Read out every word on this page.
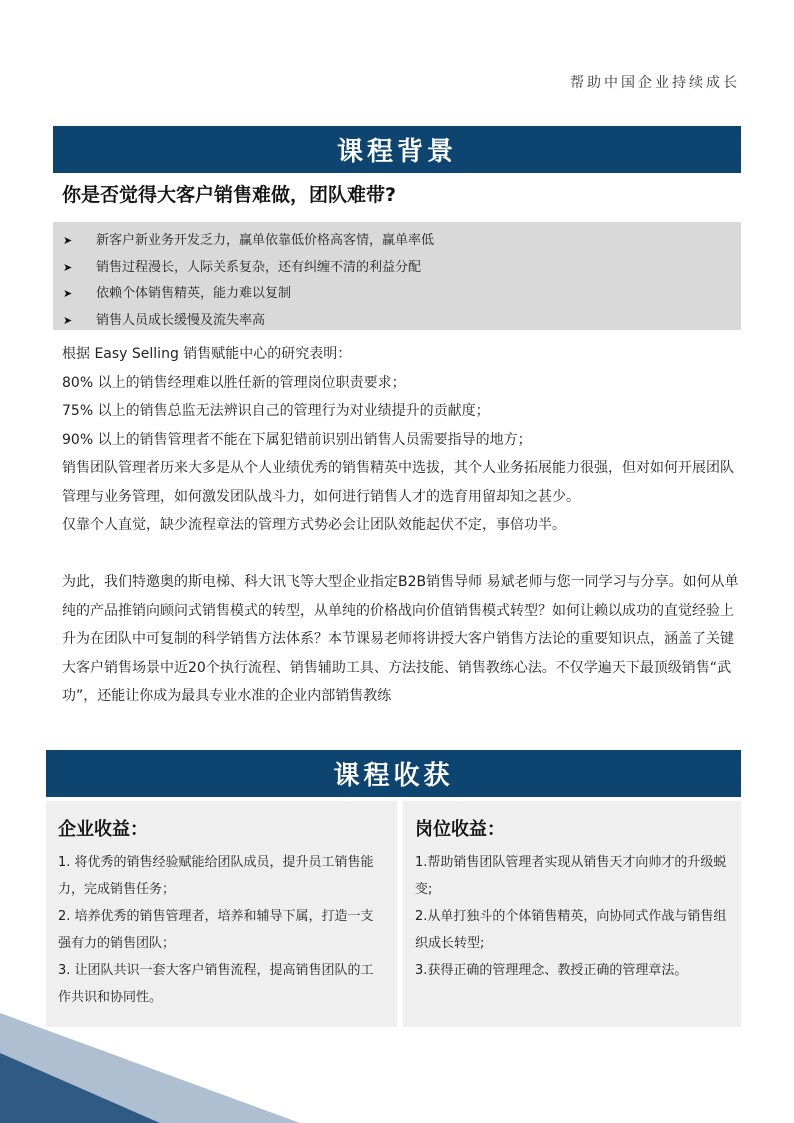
帮助中国企业持续成长
课程背景
你是否觉得大客户销售难做，团队难带?
➤ 新客户新业务开发乏力，赢单依靠低价格高客情，赢单率低
➤ 销售过程漫长，人际关系复杂，还有纠缠不清的利益分配
➤ 依赖个体销售精英，能力难以复制
➤ 销售人员成长缓慢及流失率高

根据 Easy Selling 销售赋能中心的研究表明：

80% 以上的销售经理难以胜任新的管理岗位职责要求；

75% 以上的销售总监无法辨识自己的管理行为对业绩提升的贡献度；

90% 以上的销售管理者不能在下属犯错前识别出销售人员需要指导的地方；

销售团队管理者历来大多是从个人业绩优秀的销售精英中选拔，其个人业务拓展能力很强，但对如何开展团队管理与业务管理，如何激发团队战斗力，如何进行销售人才的选育用留却知之甚少。

仅靠个人直觉，缺少流程章法的管理方式势必会让团队效能起伏不定，事倍功半。

为此，我们特邀奥的斯电梯、科大讯飞等大型企业指定B2B销售导师 易斌老师与您一同学习与分享。如何从单纯的产品推销向顾问式销售模式的转型，从单纯的价格战向价值销售模式转型？如何让赖以成功的直觉经验上升为在团队中可复制的科学销售方法体系？本节课易老师将讲授大客户销售方法论的重要知识点，涵盖了关键大客户销售场景中近20个执行流程、销售辅助工具、方法技能、销售教练心法。不仅学遍天下最顶级销售“武功”，还能让你成为最具专业水准的企业内部销售教练

课程收获
企业收益：

1. 将优秀的销售经验赋能给团队成员，提升员工销售能力，完成销售任务；

2. 培养优秀的销售管理者，培养和辅导下属，打造一支强有力的销售团队；

3. 让团队共识一套大客户销售流程，提高销售团队的工作共识和协同性。

岗位收益：

1.帮助销售团队管理者实现从销售天才向帅才的升级蜕变;

2.从单打独斗的个体销售精英，向协同式作战与销售组织成长转型;

3.获得正确的管理理念、教授正确的管理章法。
